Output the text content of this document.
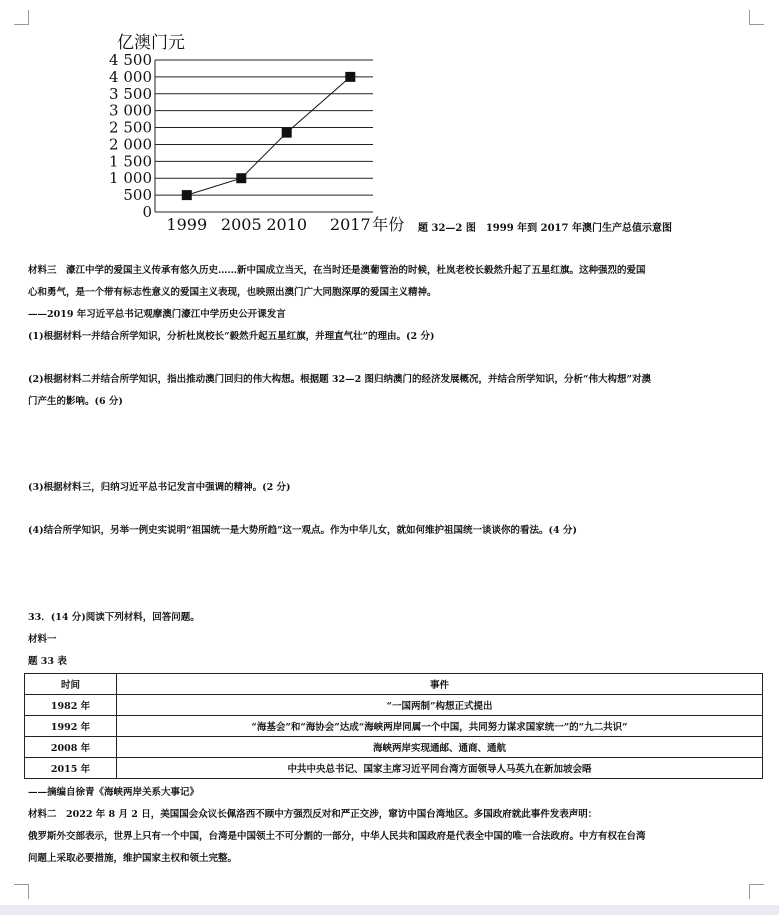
0
500
1 000
1 500
2 000
2 500
3 000
3 500
4 000
4 500
亿澳门元
1999 2005 2010 2017 年份 题 32—2 图　1999 年到 2017 年澳门生产总值示意图
材料三　濠江中学的爱国主义传承有悠久历史……新中国成立当天，在当时还是澳葡管治的时候，杜岚老校长毅然升起了五星红旗。这种强烈的爱国
心和勇气，是一个带有标志性意义的爱国主义表现，也映照出澳门广大同胞深厚的爱国主义精神。
——2019 年习近平总书记观摩澳门濠江中学历史公开课发言
(1)根据材料一并结合所学知识，分析杜岚校长“毅然升起五星红旗，并理直气壮”的理由。(2 分)
(2)根据材料二并结合所学知识，指出推动澳门回归的伟大构想。根据题 32—2 图归纳澳门的经济发展概况，并结合所学知识，分析“伟大构想”对澳
门产生的影响。(6 分)
(3)根据材料三，归纳习近平总书记发言中强调的精神。(2 分)
(4)结合所学知识，另举一例史实说明“祖国统一是大势所趋”这一观点。作为中华儿女，就如何维护祖国统一谈谈你的看法。(4 分)
33．(14 分)阅读下列材料，回答问题。
材料一
题 33 表
时间	事件
1982 年	“一国两制”构想正式提出
1992 年	“海基会”和“海协会”达成“海峡两岸同属一个中国，共同努力谋求国家统一”的“九二共识”
2008 年	海峡两岸实现通邮、通商、通航
2015 年	中共中央总书记、国家主席习近平同台湾方面领导人马英九在新加坡会晤
——摘编自徐青《海峡两岸关系大事记》
材料二　2022 年 8 月 2 日，美国国会众议长佩洛西不顾中方强烈反对和严正交涉，窜访中国台湾地区。多国政府就此事件发表声明：
俄罗斯外交部表示，世界上只有一个中国，台湾是中国领土不可分割的一部分，中华人民共和国政府是代表全中国的唯一合法政府。中方有权在台湾
问题上采取必要措施，维护国家主权和领土完整。
